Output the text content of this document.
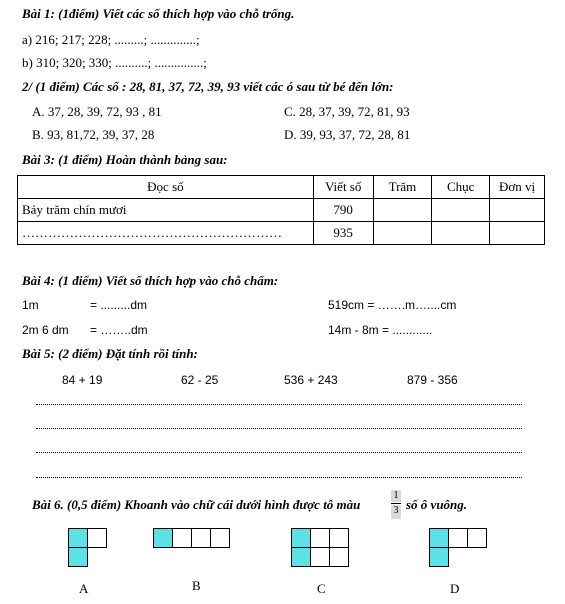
Bài 1: (1điểm) Viết các số thích hợp vào chỗ trống.
a) 216; 217; 228; .........; ..............;
b) 310; 320; 330; ..........; ...............;
2/ (1 điểm) Các số : 28, 81, 37, 72, 39, 93 viết các ó sau từ bé đến lớn:
A. 37, 28, 39, 72, 93 , 81	C. 28, 37, 39, 72, 81, 93
B. 93, 81,72, 39, 37, 28	D. 39, 93, 37, 72, 28, 81
Bài 3: (1 điểm) Hoàn thành bảng sau:
Đọc số	Viết số	Trăm	Chục	Đơn vị
Bảy trăm chín mươi	790			
……………………………………………………	935			
Bài 4: (1 điểm) Viết số thích hợp vào chỗ chấm:
1m	= .........dm	519cm = …….m…....cm
2m 6 dm = ……..dm	14m - 8m = ............
Bài 5: (2 điểm) Đặt tính rồi tính:
84 + 19	62 - 25	536 + 243	879 - 356
Bài 6. (0,5 điểm) Khoanh vào chữ cái dưới hình được tô màu
1
3 số ô vuông.
A	B	C	D
